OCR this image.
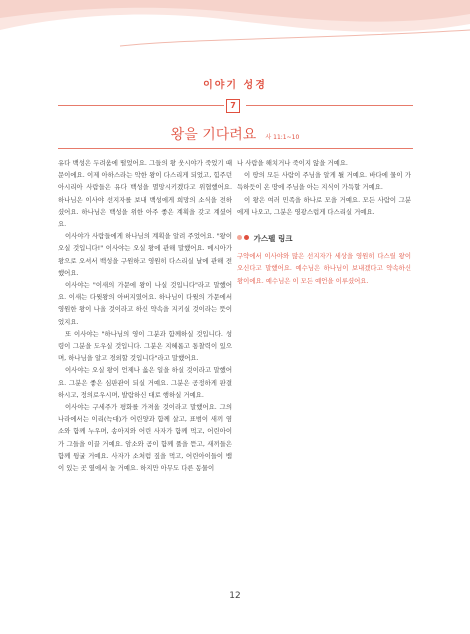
이야기 성경
7
왕을 기다려요 사 11:1~10

유다 백성은 두려움에 떨었어요. 그들의 왕 웃시야가 죽었기 때문이에요. 이제 아하스라는 악한 왕이 다스리게 되었고, 힘주던 아시리아 사람들은 유다 백성을 멸망시키겠다고 위협했어요. 하나님은 이사야 선지자를 보내 백성에게 희망의 소식을 전하셨어요. 하나님은 백성을 위한 아주 좋은 계획을 갖고 계셨어요.

이사야가 사람들에게 하나님의 계획을 알려 주었어요. "왕이 오실 것입니다!" 이사야는 오실 왕에 관해 말했어요. 메시아가 왕으로 오셔서 백성을 구원하고 영원히 다스리실 날에 관해 전했어요.

이사야는 "이새의 가문에 왕이 나실 것입니다"라고 말했어요. 이새는 다윗왕의 아버지였어요. 하나님이 다윗의 가문에서 영원한 왕이 나올 것이라고 하신 약속을 지키실 것이라는 뜻이었지요.

또 이사야는 "하나님의 영이 그분과 함께하실 것입니다. 성령이 그분을 도우실 것입니다. 그분은 지혜롭고 통찰력이 있으며, 하나님을 알고 경외할 것입니다"라고 말했어요.

이사야는 오실 왕이 언제나 옳은 일을 하실 것이라고 말했어요. 그분은 좋은 심판관이 되실 거예요. 그분은 공정하게 판결하시고, 정의로우시며, 발람하신 대로 행하실 거예요.

이사야는 구세주가 평화를 가져올 것이라고 말했어요. 그의 나라에서는 이리(늑대)가 어린양과 함께 살고, 표범이 새끼 염소와 함께 누우며, 송아지와 어린 사자가 함께 먹고, 어린아이가 그들을 이끌 거예요. 암소와 곰이 함께 풀을 뜯고, 새끼들은 함께 뒹굴 거예요. 사자가 소처럼 짚을 먹고, 어린아이들이 뱀이 있는 곳 옆에서 놀 거예요. 하지만 아무도 다른 동물이

나 사람을 해치거나 죽이지 않을 거예요.

이 땅의 모든 사람이 주님을 알게 될 거예요. 바다에 물이 가득하듯이 온 땅에 주님을 아는 지식이 가득할 거예요.

이 왕은 여러 민족을 하나로 모을 거예요. 모든 사람이 그분에게 나오고, 그분은 영광스럽게 다스리실 거예요.

가스펠 링크

구약에서 이사야와 많은 선지자가 세상을 영원히 다스릴 왕이 오신다고 말했어요. 예수님은 하나님이 보내겠다고 약속하신 왕이에요. 예수님은 이 모든 예언을 이루셨어요.

12
